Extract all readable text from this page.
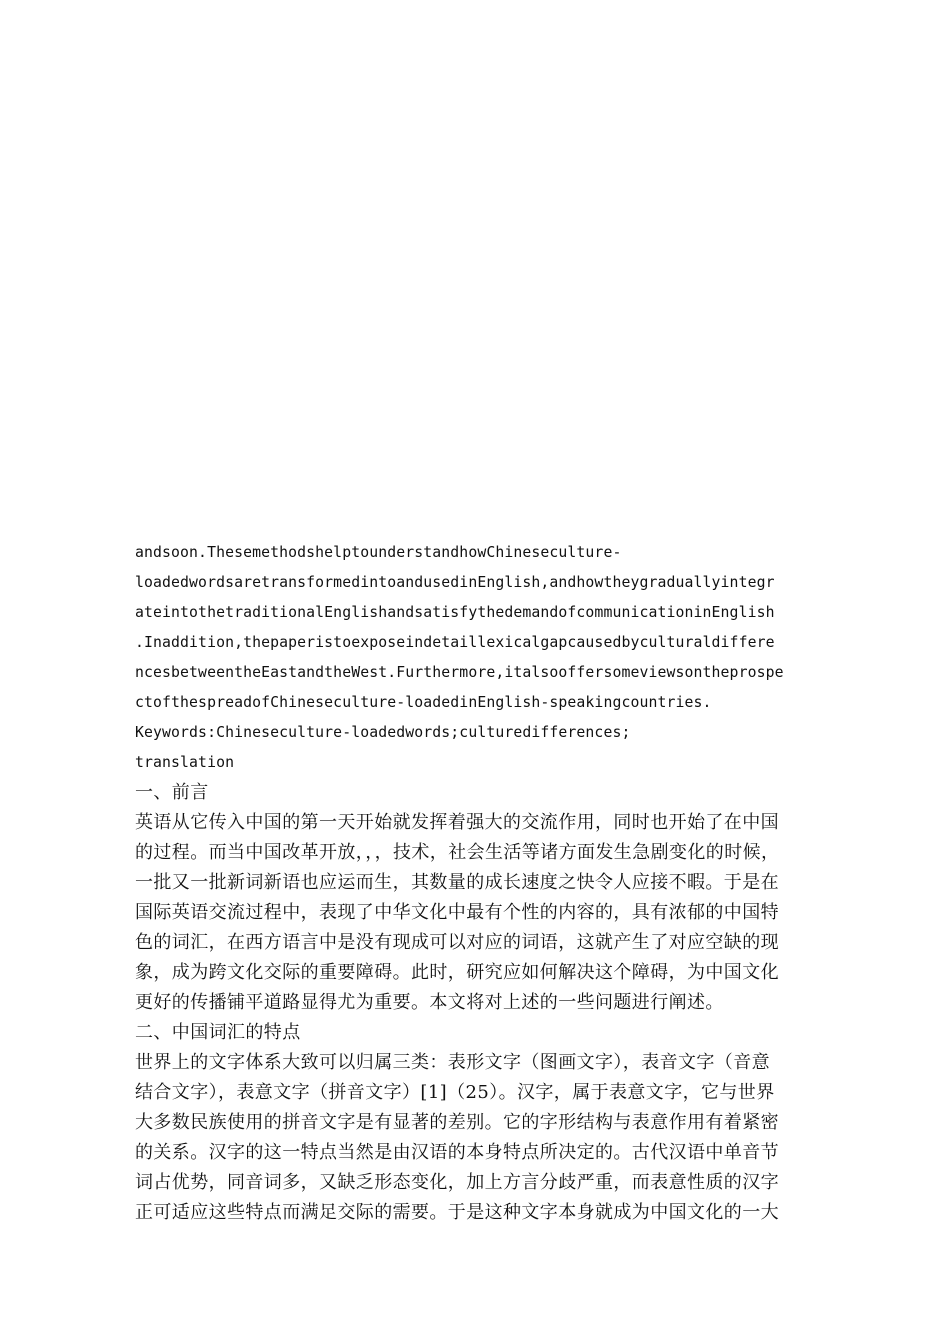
andsoon.ThesemethodshelptounderstandhowChineseculture-
loadedwordsaretransformedintoandusedinEnglish,andhowtheygraduallyintegr
ateintothetraditionalEnglishandsatisfythedemandofcommunicationinEnglish
.Inaddition,thepaperistoexposeindetaillexicalgapcausedbyculturaldiffere
ncesbetweentheEastandtheWest.Furthermore,italsooffersomeviewsontheprospe
ctofthespreadofChineseculture-loadedinEnglish-speakingcountries.
Keywords:Chineseculture-loadedwords;culturedifferences;
translation
一、前言
英语从它传入中国的第一天开始就发挥着强大的交流作用，同时也开始了在中国
的过程。而当中国改革开放，，，技术，社会生活等诸方面发生急剧变化的时候，
一批又一批新词新语也应运而生，其数量的成长速度之快令人应接不暇。于是在
国际英语交流过程中，表现了中华文化中最有个性的内容的，具有浓郁的中国特
色的词汇，在西方语言中是没有现成可以对应的词语，这就产生了对应空缺的现
象，成为跨文化交际的重要障碍。此时，研究应如何解决这个障碍，为中国文化
更好的传播铺平道路显得尤为重要。本文将对上述的一些问题进行阐述。
二、中国词汇的特点
世界上的文字体系大致可以归属三类：表形文字（图画文字），表音文字（音意
结合文字），表意文字（拼音文字）[1]（25）。汉字，属于表意文字，它与世界
大多数民族使用的拼音文字是有显著的差别。它的字形结构与表意作用有着紧密
的关系。汉字的这一特点当然是由汉语的本身特点所决定的。古代汉语中单音节
词占优势，同音词多，又缺乏形态变化，加上方言分歧严重，而表意性质的汉字
正可适应这些特点而满足交际的需要。于是这种文字本身就成为中国文化的一大
